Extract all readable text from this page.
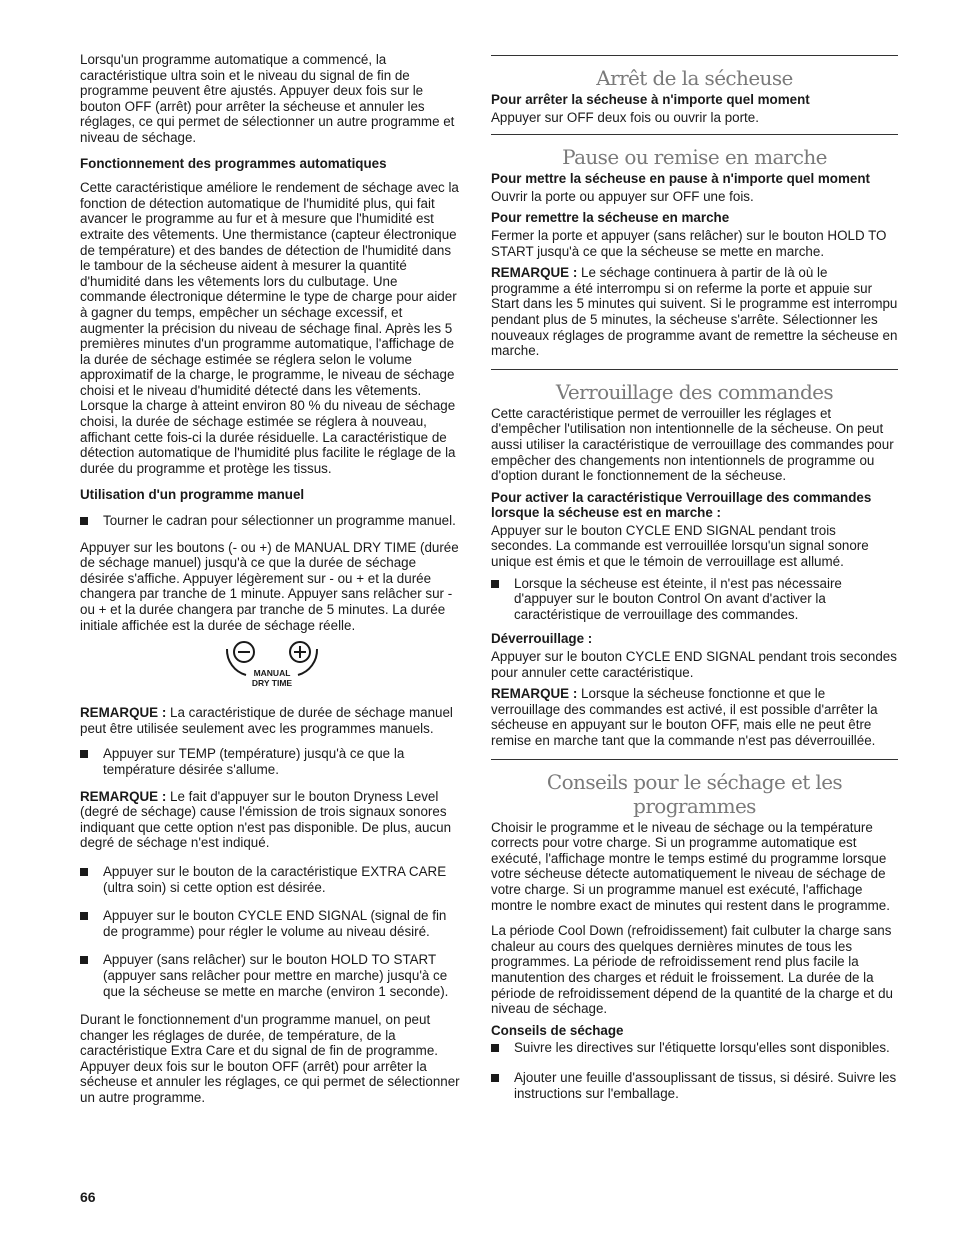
Lorsqu'un programme automatique a commencé, la caractéristique ultra soin et le niveau du signal de fin de programme peuvent être ajustés. Appuyer deux fois sur le bouton OFF (arrêt) pour arrêter la sécheuse et annuler les réglages, ce qui permet de sélectionner un autre programme et niveau de séchage.

Fonctionnement des programmes automatiques

Cette caractéristique améliore le rendement de séchage avec la fonction de détection automatique de l'humidité plus, qui fait avancer le programme au fur et à mesure que l'humidité est extraite des vêtements. Une thermistance (capteur électronique de température) et des bandes de détection de l'humidité dans le tambour de la sécheuse aident à mesurer la quantité d'humidité dans les vêtements lors du culbutage. Une commande électronique détermine le type de charge pour aider à gagner du temps, empêcher un séchage excessif, et augmenter la précision du niveau de séchage final. Après les 5 premières minutes d'un programme automatique, l'affichage de la durée de séchage estimée se réglera selon le volume approximatif de la charge, le programme, le niveau de séchage choisi et le niveau d'humidité détecté dans les vêtements. Lorsque la charge à atteint environ 80 % du niveau de séchage choisi, la durée de séchage estimée se réglera à nouveau, affichant cette fois-ci la durée résiduelle. La caractéristique de détection automatique de l'humidité plus facilite le réglage de la durée du programme et protège les tissus.

Utilisation d'un programme manuel

Tourner le cadran pour sélectionner un programme manuel.

Appuyer sur les boutons (- ou +) de MANUAL DRY TIME (durée de séchage manuel) jusqu'à ce que la durée de séchage désirée s'affiche. Appuyer légèrement sur - ou + et la durée changera par tranche de 1 minute. Appuyer sans relâcher sur - ou + et la durée changera par tranche de 5 minutes. La durée initiale affichée est la durée de séchage réelle.

MANUAL
DRY TIME

REMARQUE : La caractéristique de durée de séchage manuel peut être utilisée seulement avec les programmes manuels.

Appuyer sur TEMP (température) jusqu'à ce que la température désirée s'allume.

REMARQUE : Le fait d'appuyer sur le bouton Dryness Level (degré de séchage) cause l'émission de trois signaux sonores indiquant que cette option n'est pas disponible. De plus, aucun degré de séchage n'est indiqué.

Appuyer sur le bouton de la caractéristique EXTRA CARE (ultra soin) si cette option est désirée.
Appuyer sur le bouton CYCLE END SIGNAL (signal de fin de programme) pour régler le volume au niveau désiré.
Appuyer (sans relâcher) sur le bouton HOLD TO START (appuyer sans relâcher pour mettre en marche) jusqu'à ce que la sécheuse se mette en marche (environ 1 seconde).

Durant le fonctionnement d'un programme manuel, on peut changer les réglages de durée, de température, de la caractéristique Extra Care et du signal de fin de programme. Appuyer deux fois sur le bouton OFF (arrêt) pour arrêter la sécheuse et annuler les réglages, ce qui permet de sélectionner un autre programme.

Arrêt de la sécheuse

Pour arrêter la sécheuse à n'importe quel moment

Appuyer sur OFF deux fois ou ouvrir la porte.

Pause ou remise en marche

Pour mettre la sécheuse en pause à n'importe quel moment

Ouvrir la porte ou appuyer sur OFF une fois.

Pour remettre la sécheuse en marche

Fermer la porte et appuyer (sans relâcher) sur le bouton HOLD TO START jusqu'à ce que la sécheuse se mette en marche.

REMARQUE : Le séchage continuera à partir de là où le programme a été interrompu si on referme la porte et appuie sur Start dans les 5 minutes qui suivent. Si le programme est interrompu pendant plus de 5 minutes, la sécheuse s'arrête. Sélectionner les nouveaux réglages de programme avant de remettre la sécheuse en marche.

Verrouillage des commandes

Cette caractéristique permet de verrouiller les réglages et d'empêcher l'utilisation non intentionnelle de la sécheuse. On peut aussi utiliser la caractéristique de verrouillage des commandes pour empêcher des changements non intentionnels de programme ou d'option durant le fonctionnement de la sécheuse.

Pour activer la caractéristique Verrouillage des commandes lorsque la sécheuse est en marche :

Appuyer sur le bouton CYCLE END SIGNAL pendant trois secondes. La commande est verrouillée lorsqu'un signal sonore unique est émis et que le témoin de verrouillage est allumé.

Lorsque la sécheuse est éteinte, il n'est pas nécessaire d'appuyer sur le bouton Control On avant d'activer la caractéristique de verrouillage des commandes.

Déverrouillage :

Appuyer sur le bouton CYCLE END SIGNAL pendant trois secondes pour annuler cette caractéristique.

REMARQUE : Lorsque la sécheuse fonctionne et que le verrouillage des commandes est activé, il est possible d'arrêter la sécheuse en appuyant sur le bouton OFF, mais elle ne peut être remise en marche tant que la commande n'est pas déverrouillée.

Conseils pour le séchage et les programmes

Choisir le programme et le niveau de séchage ou la température corrects pour votre charge. Si un programme automatique est exécuté, l'affichage montre le temps estimé du programme lorsque votre sécheuse détecte automatiquement le niveau de séchage de votre charge. Si un programme manuel est exécuté, l'affichage montre le nombre exact de minutes qui restent dans le programme.

La période Cool Down (refroidissement) fait culbuter la charge sans chaleur au cours des quelques dernières minutes de tous les programmes. La période de refroidissement rend plus facile la manutention des charges et réduit le froissement. La durée de la période de refroidissement dépend de la quantité de la charge et du niveau de séchage.

Conseils de séchage

Suivre les directives sur l'étiquette lorsqu'elles sont disponibles.
Ajouter une feuille d'assouplissant de tissus, si désiré. Suivre les instructions sur l'emballage.
66
